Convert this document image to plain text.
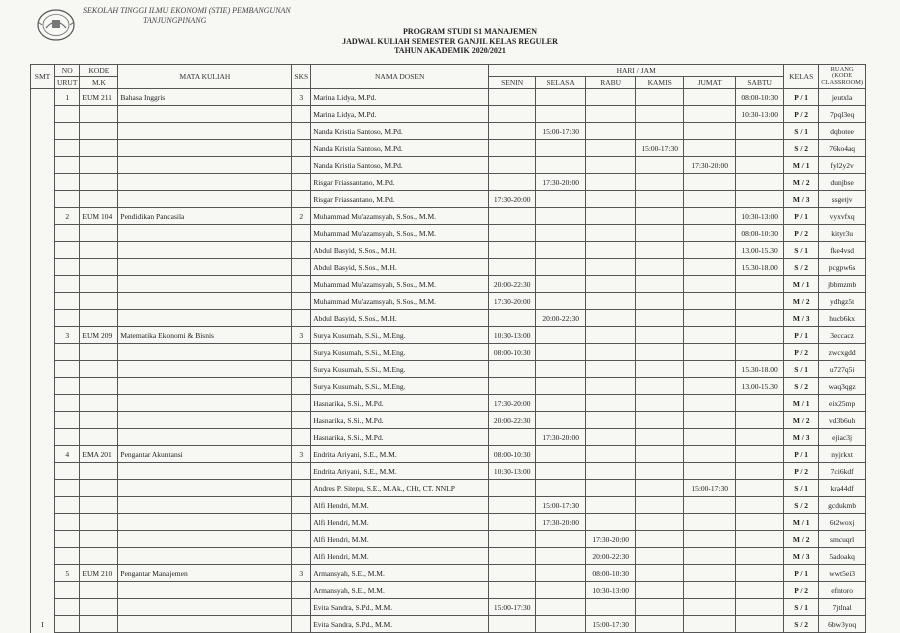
SEKOLAH TINGGI ILMU EKONOMI (STIE) PEMBANGUNAN
TANJUNGPINANG
PROGRAM STUDI S1 MANAJEMEN
JADWAL KULIAH SEMESTER GANJIL KELAS REGULER
TAHUN AKADEMIK 2020/2021
SMT	NO	KODE	MATA KULIAH	SKS	NAMA DOSEN	HARI / JAM						KELAS	RUANG
(KODE
CLASSROOM)

	URUT	M.K				SENIN	SELASA	RABU	KAMIS	JUMAT	SABTU		
	1	EUM 211	Bahasa Inggris	3	Marina Lidya, M.Pd.						08:00-10:30	P / 1	jeutxla
					Marina Lidya, M.Pd.						10:30-13:00	P / 2	7pql3eq
					Nanda Kristia Santoso, M.Pd.		15:00-17:30					S / 1	dqbotee
					Nanda Kristia Santoso, M.Pd.				15:00-17:30			S / 2	76ko4aq
					Nanda Kristia Santoso, M.Pd.					17:30-20:00		M / 1	fyl2y2v
					Risgar Friassantano, M.Pd.		17:30-20:00					M / 2	dunjbse
					Risgar Friassantano, M.Pd.	17:30-20:00						M / 3	ssgetjv
	2	EUM 104	Pendidikan Pancasila	2	Muhammad Mu'azamsyah, S.Sos., M.M.						10:30-13:00	P / 1	vyxvfxq
					Muhammad Mu'azamsyah, S.Sos., M.M.						08:00-10:30	P / 2	kityr3u
					Abdul Basyid, S.Sos., M.H.						13.00-15.30	S / 1	fke4vsd
					Abdul Basyid, S.Sos., M.H.						15.30-18.00	S / 2	pcgpw6s
					Muhammad Mu'azamsyah, S.Sos., M.M.	20:00-22:30						M / 1	jbbmzmb
					Muhammad Mu'azamsyah, S.Sos., M.M.	17:30-20:00						M / 2	ydhgz5t
					Abdul Basyid, S.Sos., M.H.		20:00-22:30					M / 3	hucb6kx
	3	EUM 209	Matematika Ekonomi & Bisnis	3	Surya Kusumah, S.Si., M.Eng.	10:30-13:00						P / 1	3eccacz
					Surya Kusumah, S.Si., M.Eng.	08:00-10:30						P / 2	zwcxgdd
					Surya Kusumah, S.Si., M.Eng.						15.30-18.00	S / 1	u727q5i
					Surya Kusumah, S.Si., M.Eng.						13.00-15.30	S / 2	waq3qgz
					Hasnarika, S.Si., M.Pd.	17:30-20:00						M / 1	eix25mp
					Hasnarika, S.Si., M.Pd.	20:00-22:30						M / 2	vd3b6uh
					Hasnarika, S.Si., M.Pd.		17:30-20:00					M / 3	ejiac3j
	4	EMA 201	Pengantar Akuntansi	3	Endrita Ariyani, S.E., M.M.	08:00-10:30						P / 1	nyjrkxt
					Endrita Ariyani, S.E., M.M.	10:30-13:00						P / 2	7ci6kdf
					Andres P. Sitepu, S.E., M.Ak., CHt, CT. NNLP					15:00-17:30		S / 1	kra44df
					Alfi Hendri, M.M.		15:00-17:30					S / 2	gcdukmb
					Alfi Hendri, M.M.		17:30-20:00					M / 1	6t2woxj
					Alfi Hendri, M.M.			17:30-20:00				M / 2	smcuqrl
					Alfi Hendri, M.M.			20:00-22:30				M / 3	5adoakq
	5	EUM 210	Pengantar Manajemen	3	Armansyah, S.E., M.M.			08:00-10:30				P / 1	wwt5ei3
					Armansyah, S.E., M.M.			10:30-13:00				P / 2	efntoro
					Evita Sandra, S.Pd., M.M.	15:00-17:30						S / 1	7jtlnal
I					Evita Sandra, S.Pd., M.M.			15:00-17:30				S / 2	6bw3yoq
